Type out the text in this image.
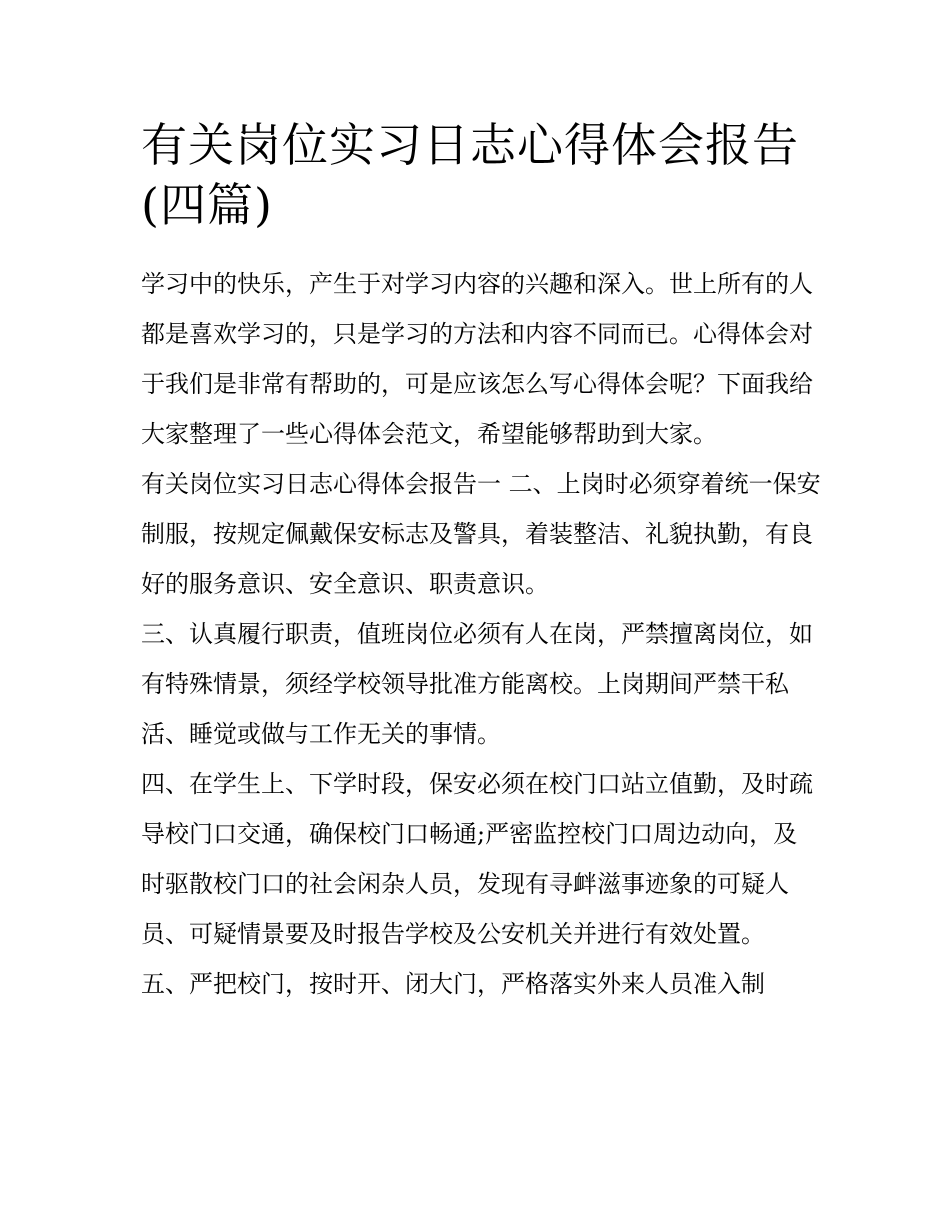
有关岗位实习日志心得体会报告(四篇)

学习中的快乐，产生于对学习内容的兴趣和深入。世上所有的人都是喜欢学习的，只是学习的方法和内容不同而已。心得体会对于我们是非常有帮助的，可是应该怎么写心得体会呢？下面我给大家整理了一些心得体会范文，希望能够帮助到大家。

有关岗位实习日志心得体会报告一 二、上岗时必须穿着统一保安制服，按规定佩戴保安标志及警具，着装整洁、礼貌执勤，有良好的服务意识、安全意识、职责意识。

三、认真履行职责，值班岗位必须有人在岗，严禁擅离岗位，如有特殊情景，须经学校领导批准方能离校。上岗期间严禁干私活、睡觉或做与工作无关的事情。

四、在学生上、下学时段，保安必须在校门口站立值勤，及时疏导校门口交通，确保校门口畅通;严密监控校门口周边动向，及时驱散校门口的社会闲杂人员，发现有寻衅滋事迹象的可疑人员、可疑情景要及时报告学校及公安机关并进行有效处置。

五、严把校门，按时开、闭大门，严格落实外来人员准入制
